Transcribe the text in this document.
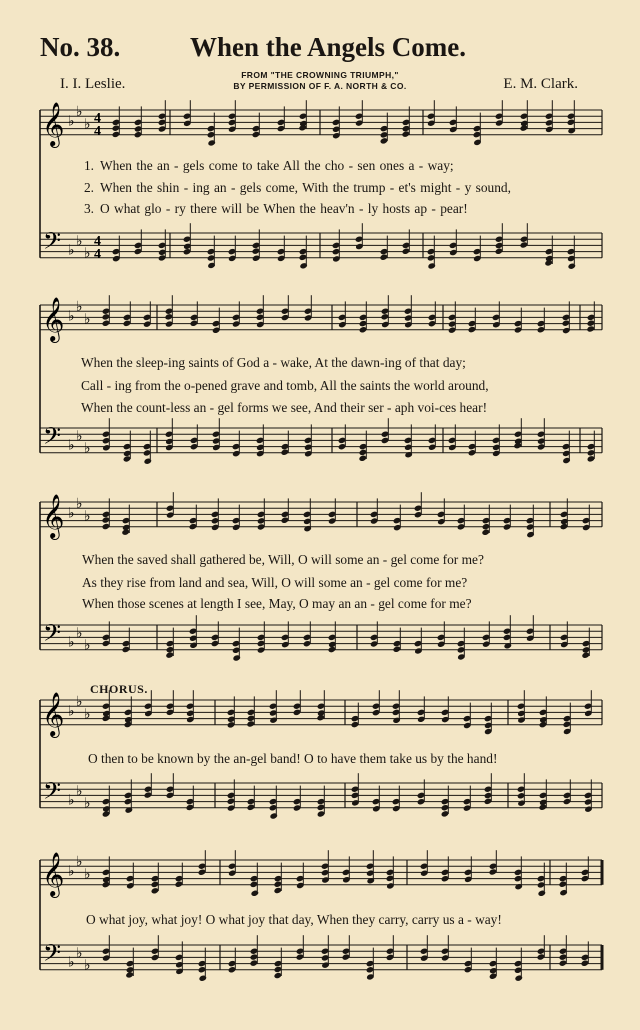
No. 38.	When the Angels Come.
I. I. Leslie.
FROM "THE CROWNING TRIUMPH,"
BY PERMISSION OF F. A. NORTH & CO.	E. M. Clark.
𝄞
𝄢
♭
♭
♭
♭
♭
♭
4
4
4
4
𝄞
𝄢
♭
♭
♭
♭
♭
♭
𝄞
𝄢
♭
♭
♭
♭
♭
♭
𝄞
𝄢
♭
♭
♭
♭
♭
♭
𝄞
𝄢
♭
♭
♭
♭
♭
♭
1. When the an - gels come to take All the cho - sen ones a - way;
2. When the shin - ing an - gels come, With the trump - et's might - y sound,
3. O what glo - ry there will be When the heav'n - ly hosts ap - pear!
When the sleep-ing saints of God a - wake, At the dawn-ing of that day;
Call - ing from the o-pened grave and tomb, All the saints the world around,
When the count-less an - gel forms we see, And their ser - aph voi-ces hear!
When the saved shall gathered be, Will, O will some an - gel come for me?
As they rise from land and sea, Will, O will some an - gel come for me?
When those scenes at length I see, May, O may an an - gel come for me?
CHORUS.
O then to be known by the an-gel band! O to have them take us by the hand!
O what joy, what joy! O what joy that day, When they carry, carry us a - way!
